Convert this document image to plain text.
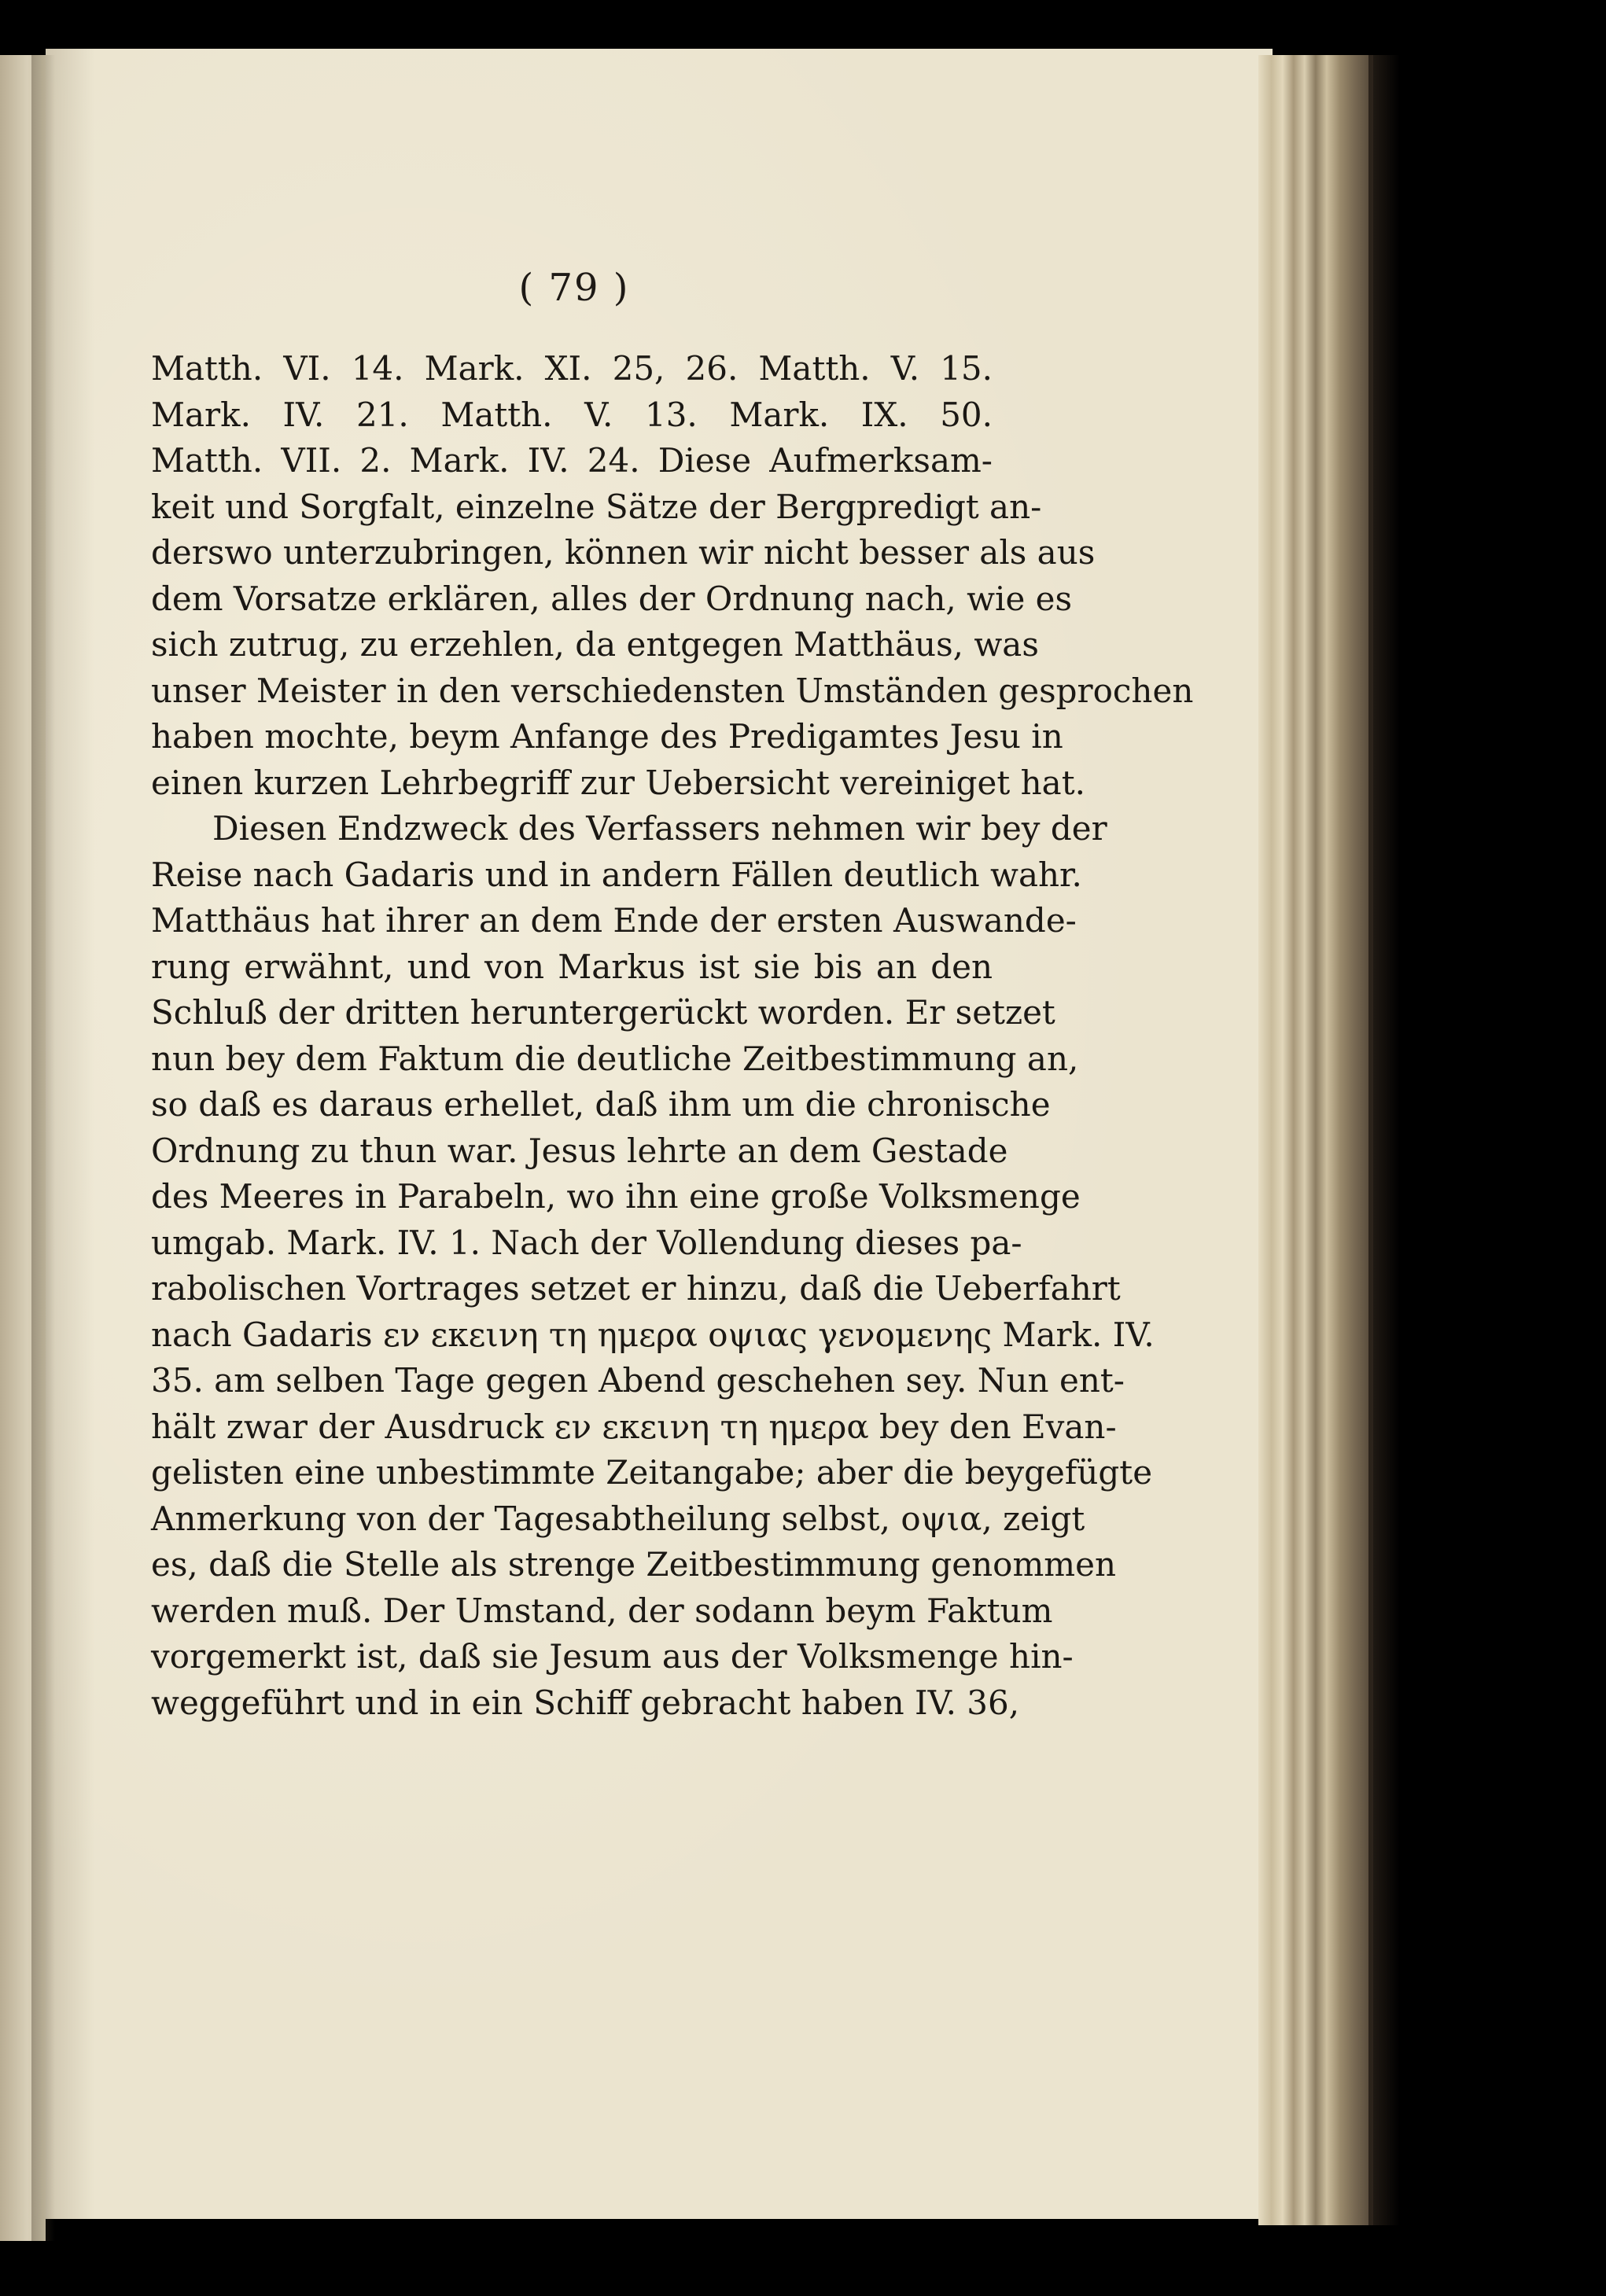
( 79 )
Matth. VI. 14. Mark. XI. 25, 26. Matth. V. 15.
Mark. IV. 21. Matth. V. 13. Mark. IX. 50.
Matth. VII. 2. Mark. IV. 24. Diese Aufmerksam-
keit und Sorgfalt, einzelne Sätze der Bergpredigt an-
derswo unterzubringen, können wir nicht besser als aus
dem Vorsatze erklären, alles der Ordnung nach, wie es
sich zutrug, zu erzehlen, da entgegen Matthäus, was
unser Meister in den verschiedensten Umständen gesprochen
haben mochte, beym Anfange des Predigamtes Jesu in
einen kurzen Lehrbegriff zur Uebersicht vereiniget hat.
Diesen Endzweck des Verfassers nehmen wir bey der
Reise nach Gadaris und in andern Fällen deutlich wahr.
Matthäus hat ihrer an dem Ende der ersten Auswande-
rung erwähnt, und von Markus ist sie bis an den
Schluß der dritten heruntergerückt worden. Er setzet
nun bey dem Faktum die deutliche Zeitbestimmung an,
so daß es daraus erhellet, daß ihm um die chronische
Ordnung zu thun war. Jesus lehrte an dem Gestade
des Meeres in Parabeln, wo ihn eine große Volksmenge
umgab. Mark. IV. 1. Nach der Vollendung dieses pa-
rabolischen Vortrages setzet er hinzu, daß die Ueberfahrt
nach Gadaris εν εκεινη τη ημερα οψιας γενομενης Mark. IV.
35. am selben Tage gegen Abend geschehen sey. Nun ent-
hält zwar der Ausdruck εν εκεινη τη ημερα bey den Evan-
gelisten eine unbestimmte Zeitangabe; aber die beygefügte
Anmerkung von der Tagesabtheilung selbst, οψια, zeigt
es, daß die Stelle als strenge Zeitbestimmung genommen
werden muß. Der Umstand, der sodann beym Faktum
vorgemerkt ist, daß sie Jesum aus der Volksmenge hin-
weggeführt und in ein Schiff gebracht haben IV. 36,
